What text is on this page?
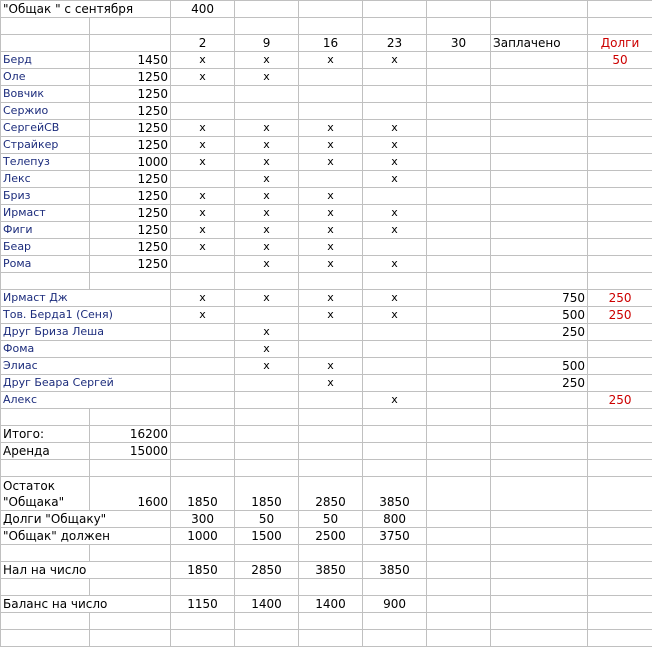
"Общак " с сентября		400						

		2	9	16	23	30	Заплачено	Долги
Берд	1450	x	x	x	x			50
Оле	1250	x	x					
Вовчик	1250							
Сержио	1250							
СергейСВ	1250	x	x	x	x			
Страйкер	1250	x	x	x	x			
Телепуз	1000	x	x	x	x			
Лекс	1250		x		x			
Бриз	1250	x	x	x				
Ирмаст	1250	x	x	x	x			
Фиги	1250	x	x	x	x			
Беар	1250	x	x	x				
Рома	1250		x	x	x			

Ирмаст Дж		x	x	x	x		750	250
Тов. Берда1 (Сеня)		x		x	x		500	250
Друг Бриза Леша			x				250	
Фома			x					
Элиас			x	x			500	
Друг Беара Сергей				x			250	
Алекс					x			250

Итого:	16200							
Аренда	15000							

Остаток "Общака"	1600	1850	1850	2850	3850			
Долги "Общаку"		300	50	50	800			
"Общак" должен		1000	1500	2500	3750			

Нал на число		1850	2850	3850	3850			

Баланс на число		1150	1400	1400	900			
